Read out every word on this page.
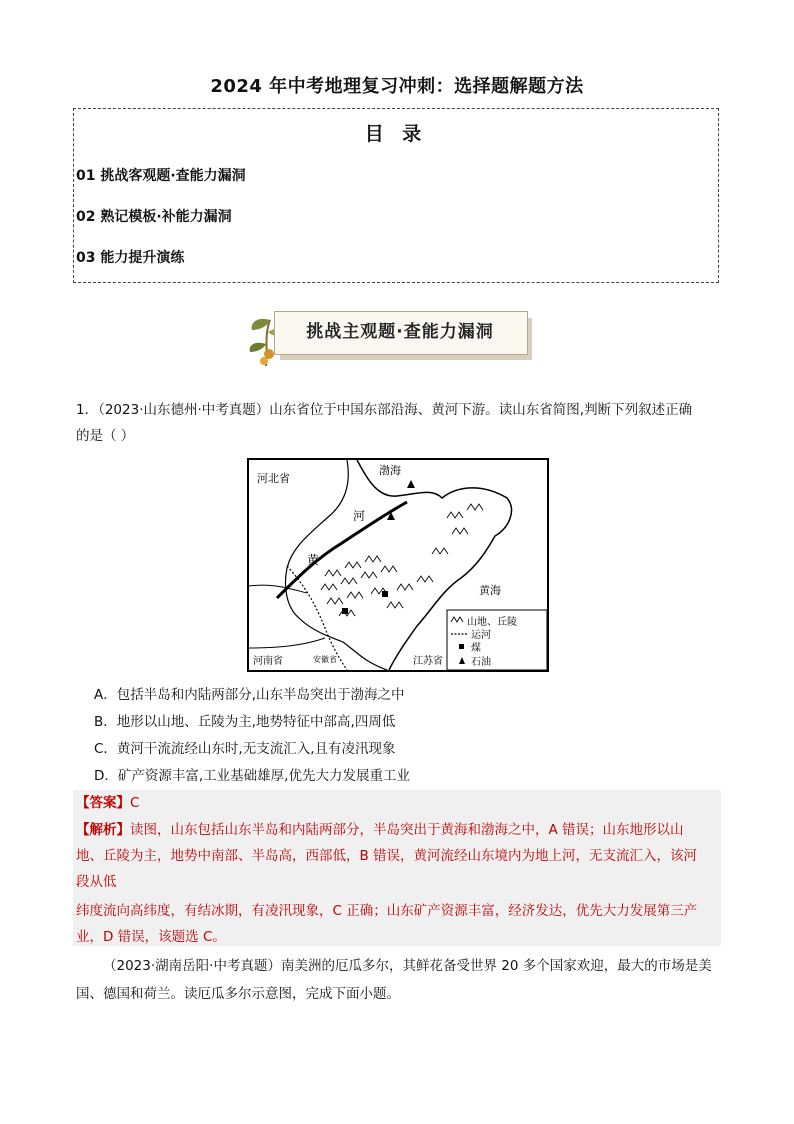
2024 年中考地理复习冲刺：选择题解题方法
目 录
01 挑战客观题·查能力漏洞
02 熟记模板·补能力漏洞
03 能力提升演练
挑战主观题·查能力漏洞
1．（2023·山东德州·中考真题）山东省位于中国东部沿海、黄河下游。读山东省简图,判断下列叙述正确
的是（ ）
河北省
渤海
河
黄
黄海
河南省	安徽省	江苏省
山地、丘陵
运河
煤
石油
A．包括半岛和内陆两部分,山东半岛突出于渤海之中
B．地形以山地、丘陵为主,地势特征中部高,四周低
C．黄河干流流经山东时,无支流汇入,且有凌汛现象
D．矿产资源丰富,工业基础雄厚,优先大力发展重工业
【答案】C
【解析】读图，山东包括山东半岛和内陆两部分，半岛突出于黄海和渤海之中，A 错误；山东地形以山
地、丘陵为主，地势中南部、半岛高，西部低，B 错误，黄河流经山东境内为地上河，无支流汇入，该河
段从低
纬度流向高纬度，有结冰期，有凌汛现象，C 正确；山东矿产资源丰富，经济发达，优先大力发展第三产
业，D 错误，该题选 C。
（2023·湖南岳阳·中考真题）南美洲的厄瓜多尔，其鲜花备受世界 20 多个国家欢迎，最大的市场是美国、德国和荷兰。读厄瓜多尔示意图，完成下面小题。
